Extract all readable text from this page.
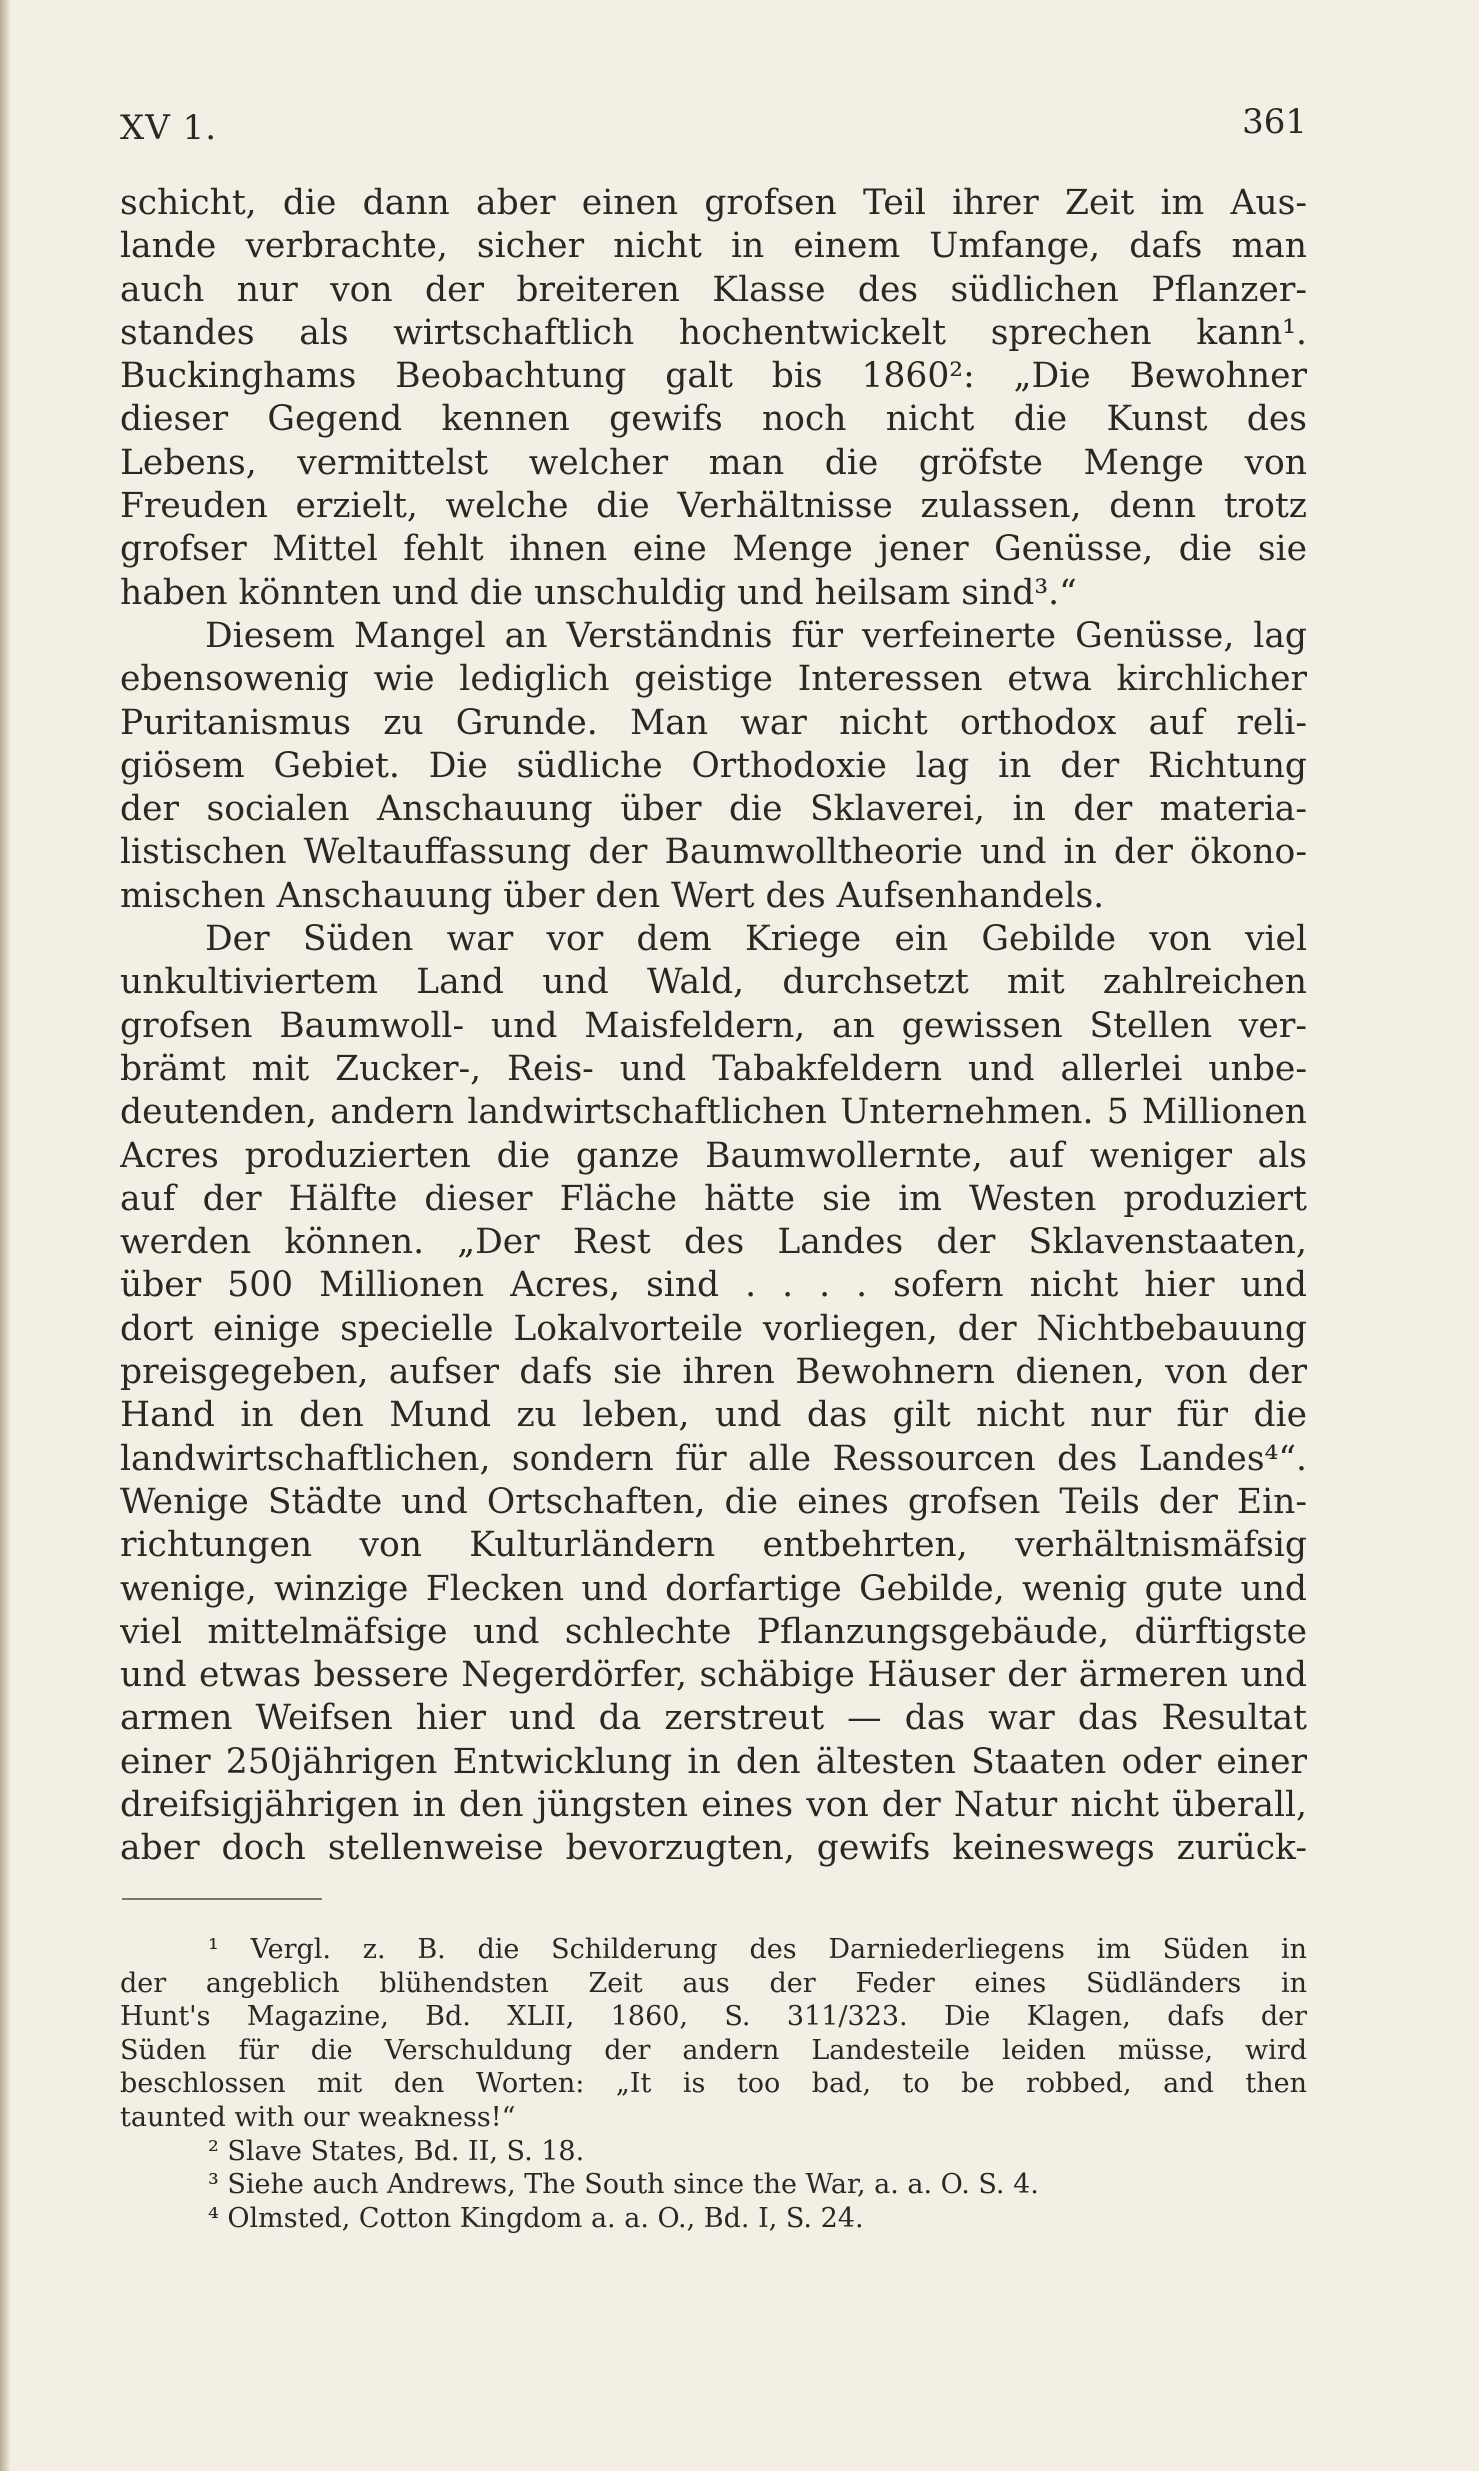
XV 1.	361
schicht, die dann aber einen grofsen Teil ihrer Zeit im Aus-
lande verbrachte, sicher nicht in einem Umfange, dafs man
auch nur von der breiteren Klasse des südlichen Pflanzer-
standes als wirtschaftlich hochentwickelt sprechen kann¹.
Buckinghams Beobachtung galt bis 1860²: „Die Bewohner
dieser Gegend kennen gewifs noch nicht die Kunst des
Lebens, vermittelst welcher man die gröfste Menge von
Freuden erzielt, welche die Verhältnisse zulassen, denn trotz
grofser Mittel fehlt ihnen eine Menge jener Genüsse, die sie
haben könnten und die unschuldig und heilsam sind³.“
Diesem Mangel an Verständnis für verfeinerte Genüsse, lag
ebensowenig wie lediglich geistige Interessen etwa kirchlicher
Puritanismus zu Grunde. Man war nicht orthodox auf reli-
giösem Gebiet. Die südliche Orthodoxie lag in der Richtung
der socialen Anschauung über die Sklaverei, in der materia-
listischen Weltauffassung der Baumwolltheorie und in der ökono-
mischen Anschauung über den Wert des Aufsenhandels.
Der Süden war vor dem Kriege ein Gebilde von viel
unkultiviertem Land und Wald, durchsetzt mit zahlreichen
grofsen Baumwoll- und Maisfeldern, an gewissen Stellen ver-
brämt mit Zucker-, Reis- und Tabakfeldern und allerlei unbe-
deutenden, andern landwirtschaftlichen Unternehmen. 5 Millionen
Acres produzierten die ganze Baumwollernte, auf weniger als
auf der Hälfte dieser Fläche hätte sie im Westen produziert
werden können. „Der Rest des Landes der Sklavenstaaten,
über 500 Millionen Acres, sind . . . . sofern nicht hier und
dort einige specielle Lokalvorteile vorliegen, der Nichtbebauung
preisgegeben, aufser dafs sie ihren Bewohnern dienen, von der
Hand in den Mund zu leben, und das gilt nicht nur für die
landwirtschaftlichen, sondern für alle Ressourcen des Landes⁴“.
Wenige Städte und Ortschaften, die eines grofsen Teils der Ein-
richtungen von Kulturländern entbehrten, verhältnismäfsig
wenige, winzige Flecken und dorfartige Gebilde, wenig gute und
viel mittelmäfsige und schlechte Pflanzungsgebäude, dürftigste
und etwas bessere Negerdörfer, schäbige Häuser der ärmeren und
armen Weifsen hier und da zerstreut — das war das Resultat
einer 250jährigen Entwicklung in den ältesten Staaten oder einer
dreifsigjährigen in den jüngsten eines von der Natur nicht überall,
aber doch stellenweise bevorzugten, gewifs keineswegs zurück-
¹ Vergl. z. B. die Schilderung des Darniederliegens im Süden in
der angeblich blühendsten Zeit aus der Feder eines Südländers in
Hunt's Magazine, Bd. XLII, 1860, S. 311/323. Die Klagen, dafs der
Süden für die Verschuldung der andern Landesteile leiden müsse, wird
beschlossen mit den Worten: „It is too bad, to be robbed, and then
taunted with our weakness!“
² Slave States, Bd. II, S. 18.
³ Siehe auch Andrews, The South since the War, a. a. O. S. 4.
⁴ Olmsted, Cotton Kingdom a. a. O., Bd. I, S. 24.
